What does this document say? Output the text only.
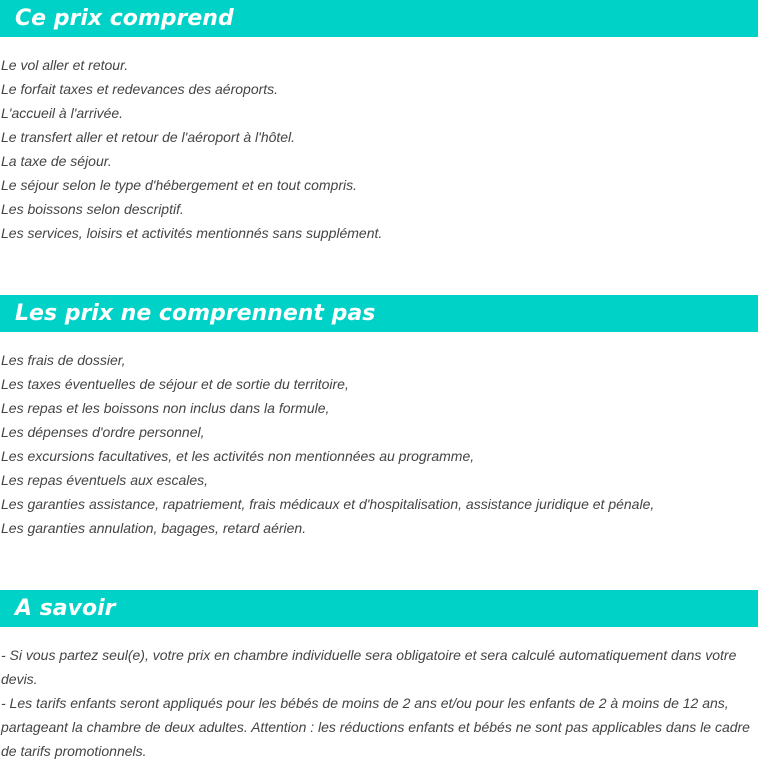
Ce prix comprend
Le vol aller et retour.
Le forfait taxes et redevances des aéroports.
L'accueil à l'arrivée.
Le transfert aller et retour de l'aéroport à l'hôtel.
La taxe de séjour.
Le séjour selon le type d'hébergement et en tout compris.
Les boissons selon descriptif.
Les services, loisirs et activités mentionnés sans supplément.
Les prix ne comprennent pas
Les frais de dossier,
Les taxes éventuelles de séjour et de sortie du territoire,
Les repas et les boissons non inclus dans la formule,
Les dépenses d'ordre personnel,
Les excursions facultatives, et les activités non mentionnées au programme,
Les repas éventuels aux escales,
Les garanties assistance, rapatriement, frais médicaux et d'hospitalisation, assistance juridique et pénale,
Les garanties annulation, bagages, retard aérien.
A savoir

- Si vous partez seul(e), votre prix en chambre individuelle sera obligatoire et sera calculé automatiquement dans votre devis.

- Les tarifs enfants seront appliqués pour les bébés de moins de 2 ans et/ou pour les enfants de 2 à moins de 12 ans, partageant la chambre de deux adultes. Attention : les réductions enfants et bébés ne sont pas applicables dans le cadre de tarifs promotionnels.
